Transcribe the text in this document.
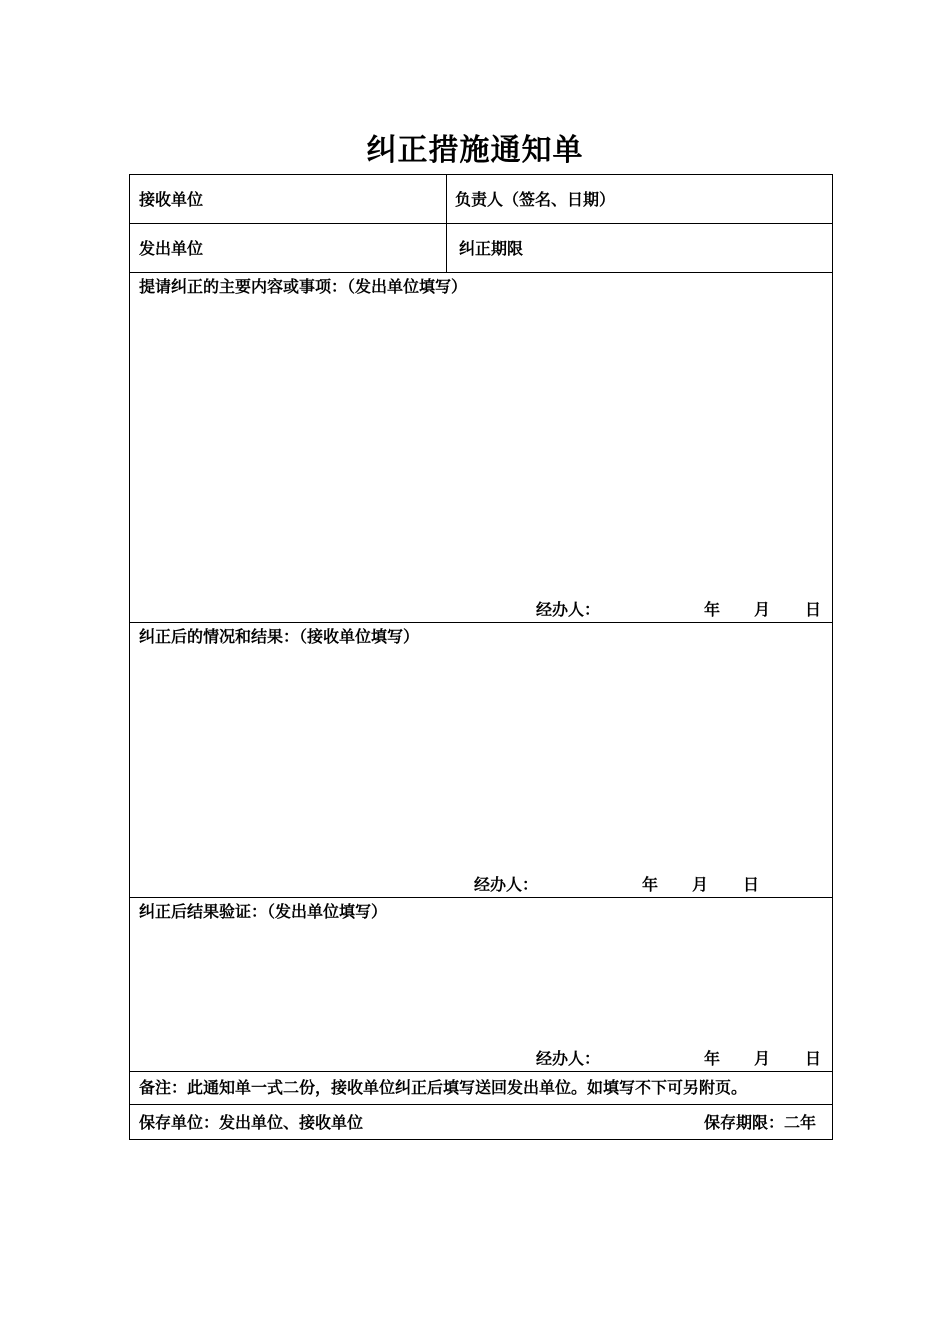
纠正措施通知单
接收单位	负责人（签名、日期）
发出单位	纠正期限
提请纠正的主要内容或事项：（发出单位填写）
经办人：	年 月 日
纠正后的情况和结果：（接收单位填写）
经办人：	年 月 日
纠正后结果验证：（发出单位填写）
经办人：	年 月 日
备注：此通知单一式二份，接收单位纠正后填写送回发出单位。如填写不下可另附页。
保存单位：发出单位、接收单位	保存期限：二年
